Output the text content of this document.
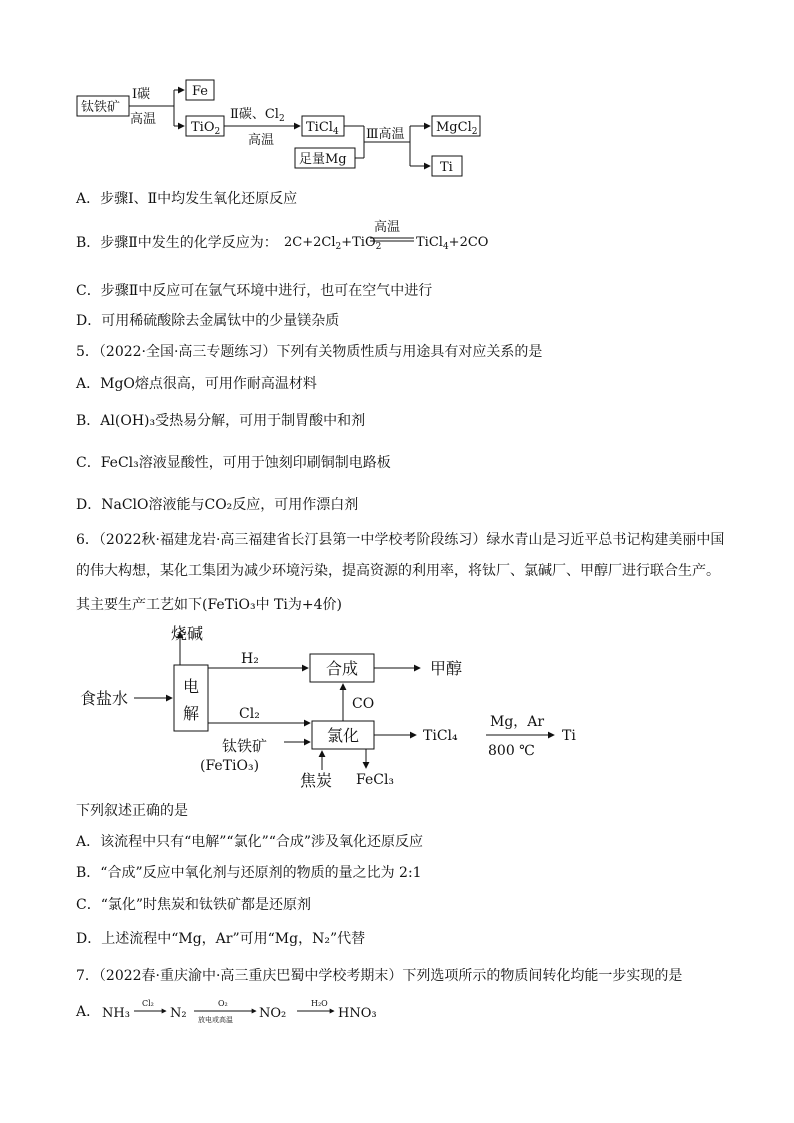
钛铁矿
Ⅰ碳
高温
Fe
TiO$_2$
Ⅱ碳、$Cl_2$
高温
TiCl$_4$
足量Mg
Ⅲ高温 MgCl$_2$
Ti
A．步骤Ⅰ、Ⅱ中均发生氧化还原反应
B．步骤Ⅱ中发生的化学反应为： $2C+2Cl_2+TiO_2$
高温
TiCl$_4$+2CO
C．步骤Ⅱ中反应可在氩气环境中进行，也可在空气中进行
D．可用稀硫酸除去金属钛中的少量镁杂质
5．（2022·全国·高三专题练习）下列有关物质性质与用途具有对应关系的是
A．MgO熔点很高，可用作耐高温材料
B．Al(OH)₃受热易分解，可用于制胃酸中和剂
C．FeCl₃溶液显酸性，可用于蚀刻印刷铜制电路板
D．NaClO溶液能与CO₂反应，可用作漂白剂
6．（2022秋·福建龙岩·高三福建省长汀县第一中学校考阶段练习）绿水青山是习近平总书记构建美丽中国
的伟大构想，某化工集团为减少环境污染，提高资源的利用率，将钛厂、氯碱厂、甲醇厂进行联合生产。
其主要生产工艺如下(FeTiO₃中 Ti为+4价)
烧碱
食盐水
电
解
H₂
Cl₂
合成	甲醇
CO
氯化	TiCl₄
Mg，Ar
800 ℃
Ti
钛铁矿
(FeTiO₃)
焦炭 FeCl₃
下列叙述正确的是
A．该流程中只有“电解”“氯化”“合成”涉及氧化还原反应
B．“合成”反应中氧化剂与还原剂的物质的量之比为 2:1
C．“氯化”时焦炭和钛铁矿都是还原剂
D．上述流程中“Mg，Ar”可用“Mg，N₂”代替
7．（2022春·重庆渝中·高三重庆巴蜀中学校考期末）下列选项所示的物质间转化均能一步实现的是
A． NH₃
Cl₂
N₂
O₂
放电或高温 NO₂
H₂O
HNO₃
